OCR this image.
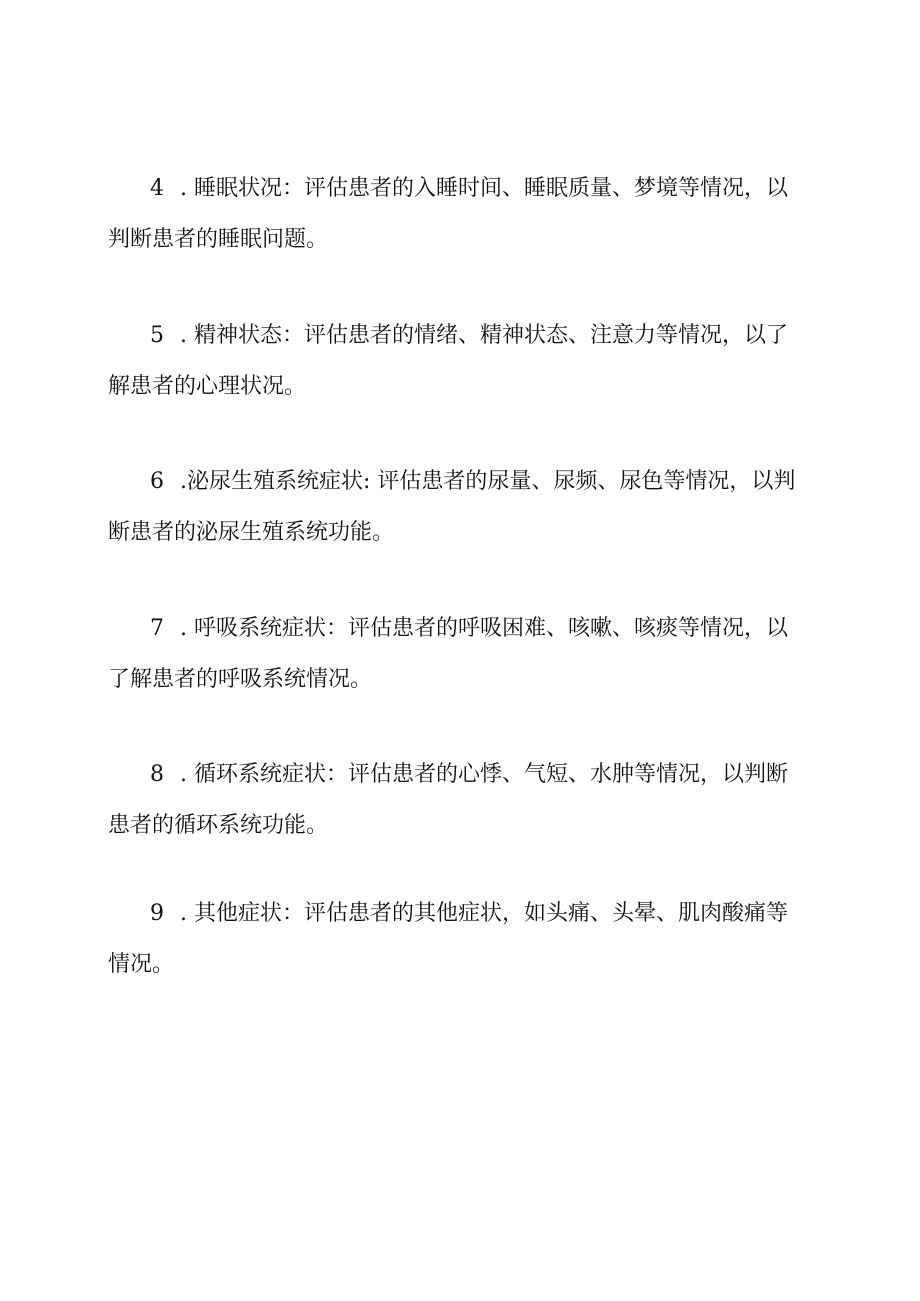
4 . 睡眠状况：评估患者的入睡时间、睡眠质量、梦境等情况，以
判断患者的睡眠问题。

5 . 精神状态：评估患者的情绪、精神状态、注意力等情况，以了
解患者的心理状况。

6 .泌尿生殖系统症状: 评估患者的尿量、尿频、尿色等情况，以判
断患者的泌尿生殖系统功能。

7 . 呼吸系统症状：评估患者的呼吸困难、咳嗽、咳痰等情况，以
了解患者的呼吸系统情况。

8 . 循环系统症状：评估患者的心悸、气短、水肿等情况，以判断
患者的循环系统功能。

9 . 其他症状：评估患者的其他症状，如头痛、头晕、肌肉酸痛等
情况。
